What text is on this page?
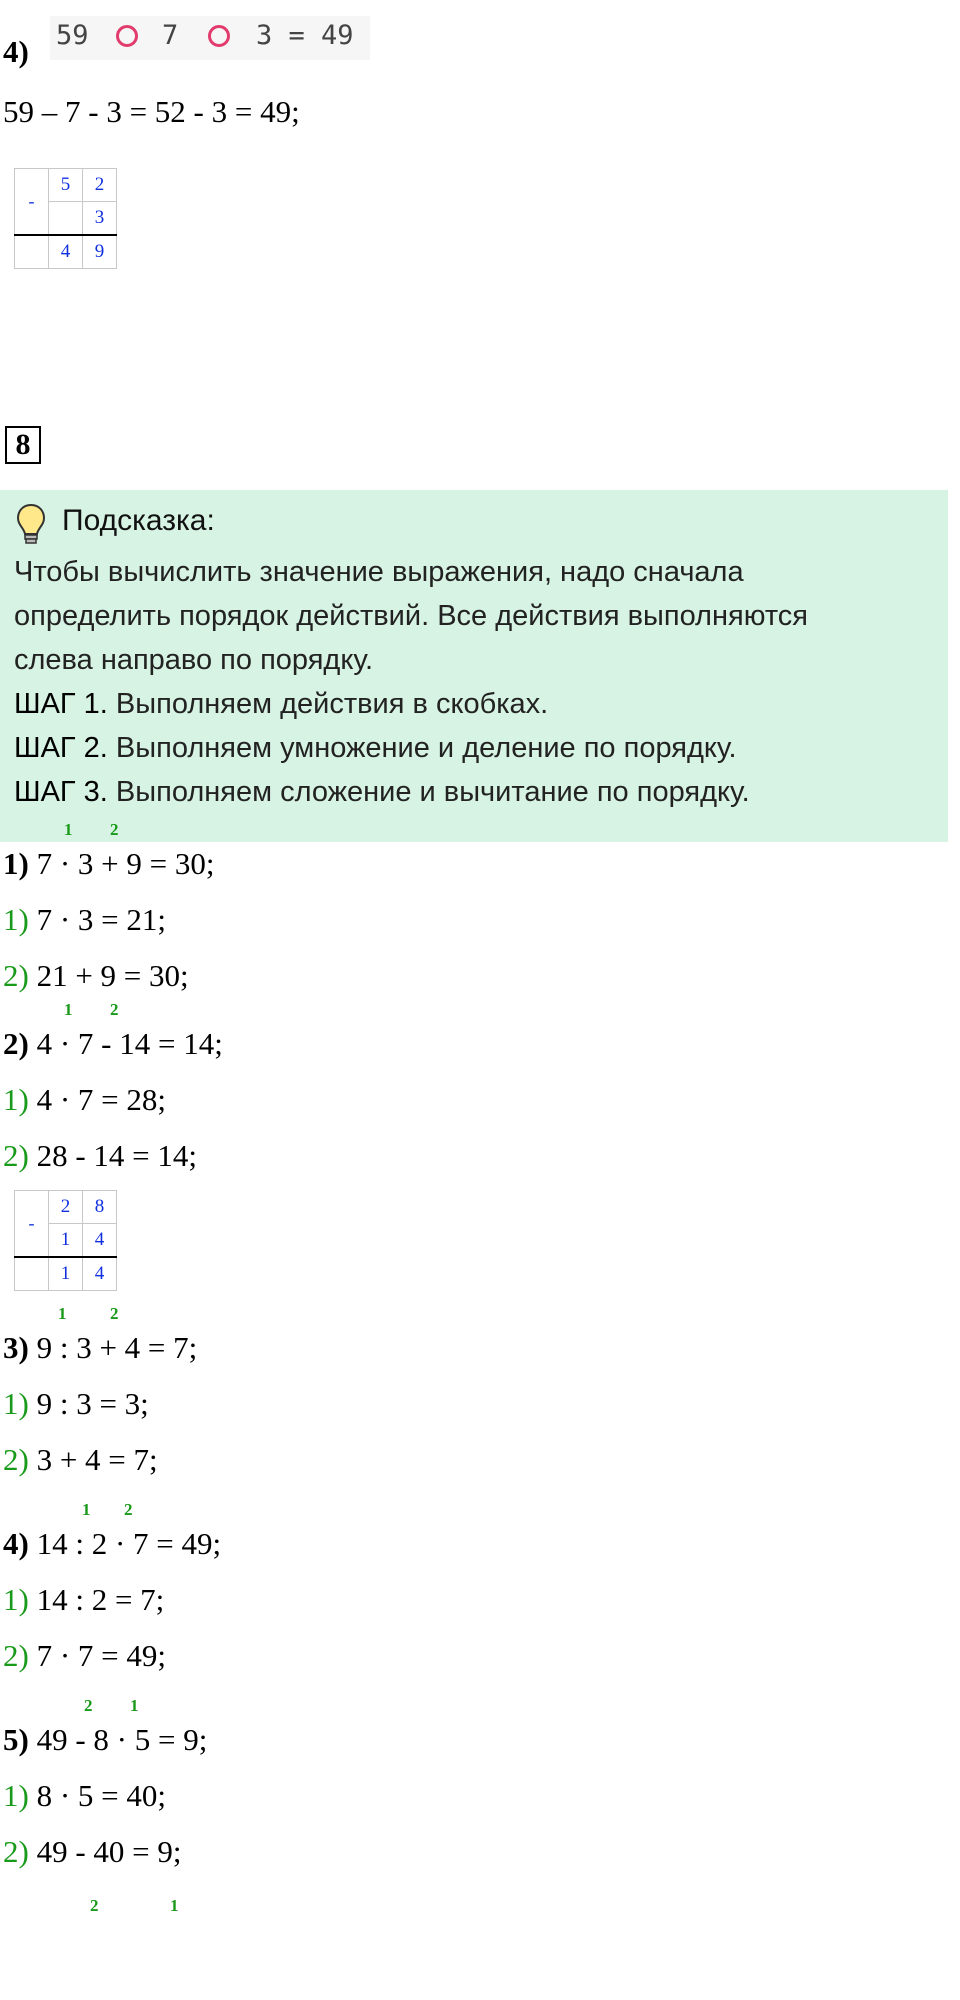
4) 59	7	3 = 49
59 – 7 - 3 = 52 - 3 = 49;
-	5	2
		3
	4	9
8
Подсказка:

Чтобы вычислить значение выражения, надо сначала

определить порядок действий. Все действия выполняются

слева направо по порядку.

ШАГ 1. Выполняем действия в скобках.

ШАГ 2. Выполняем умножение и деление по порядку.

ШАГ 3. Выполняем сложение и вычитание по порядку.

1 2
1) 7 · 3 + 9 = 30;
1) 7 · 3 = 21;
2) 21 + 9 = 30;
1 2
2) 4 · 7 - 14 = 14;
1) 4 · 7 = 28;
2) 28 - 14 = 14;
-	2	8
	1	4
	1	4
1	2
3) 9 : 3 + 4 = 7;
1) 9 : 3 = 3;
2) 3 + 4 = 7;
1 2
4) 14 : 2 · 7 = 49;
1) 14 : 2 = 7;
2) 7 · 7 = 49;
2 1
5) 49 - 8 · 5 = 9;
1) 8 · 5 = 40;
2) 49 - 40 = 9;
2	1
